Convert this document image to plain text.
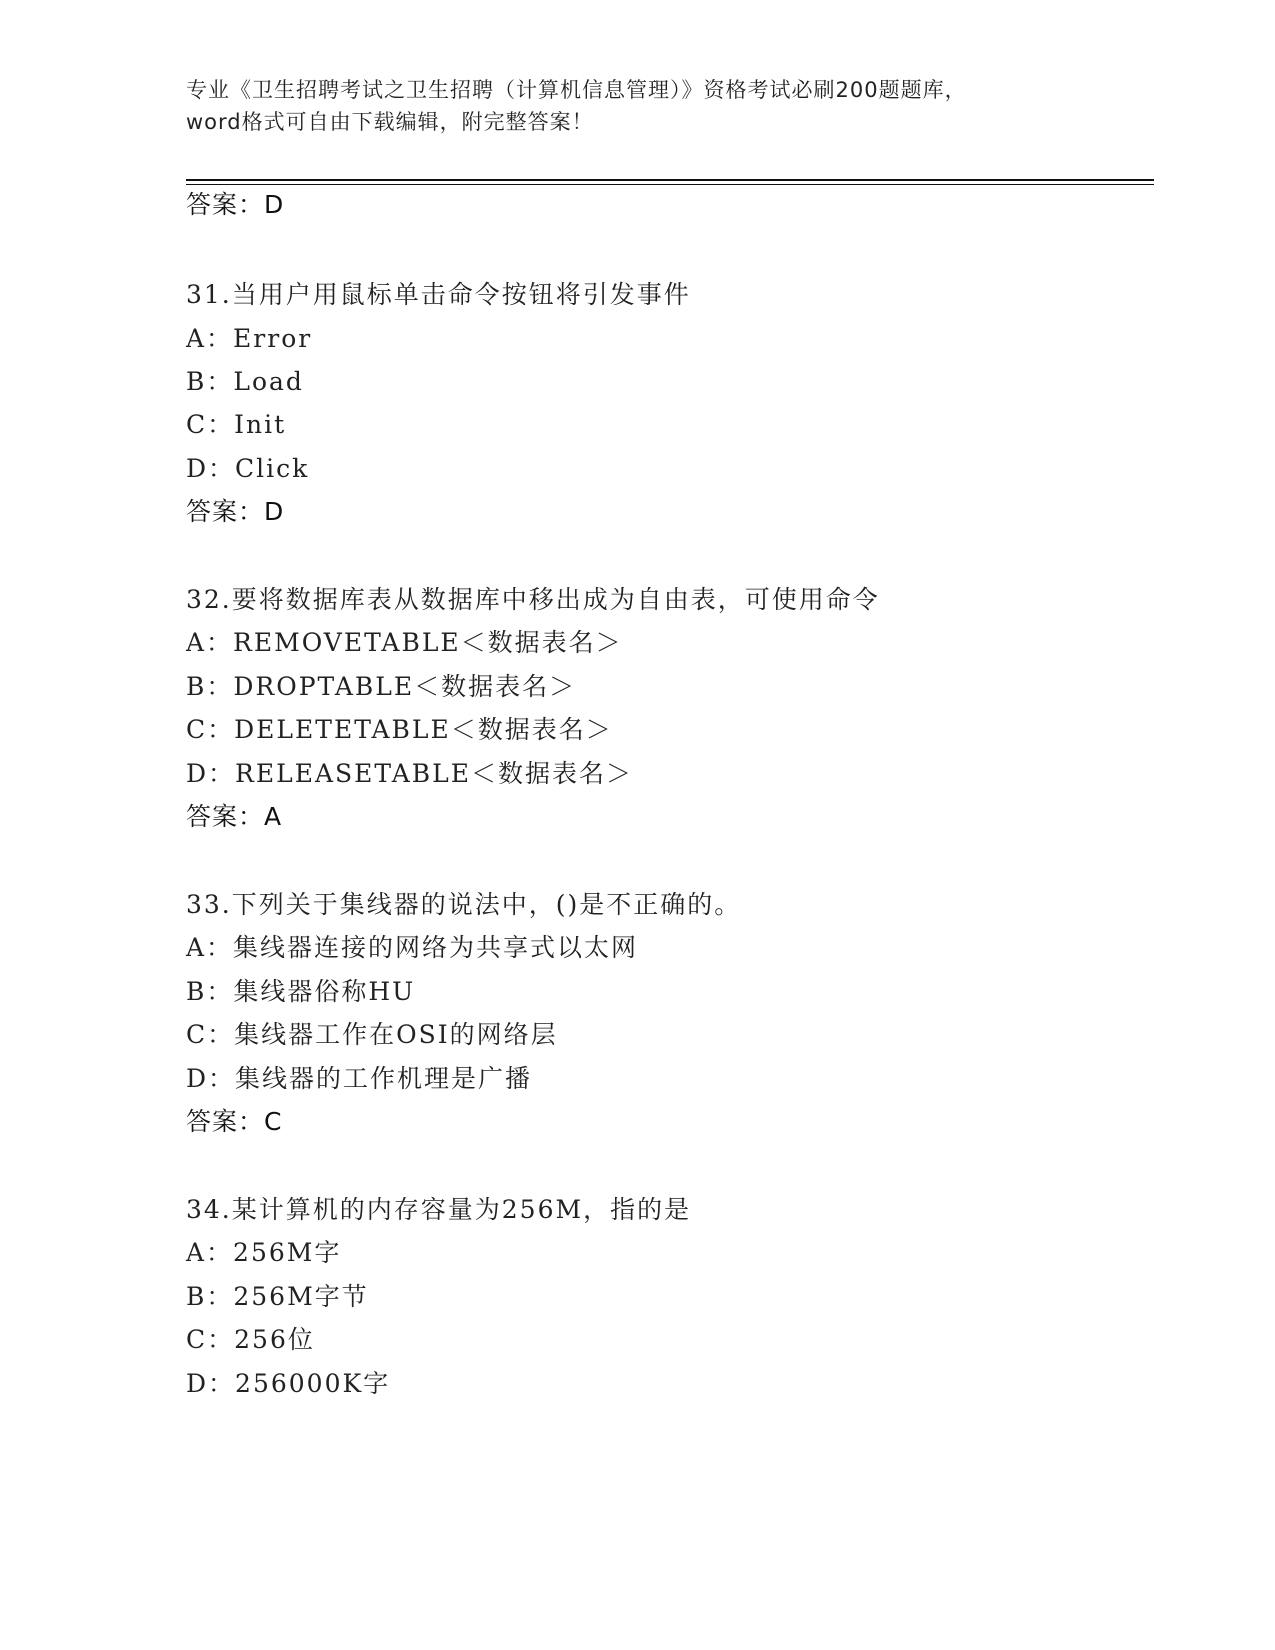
专业《卫生招聘考试之卫生招聘（计算机信息管理）》资格考试必刷200题题库，
word格式可自由下载编辑，附完整答案！
答案：D
31.当用户用鼠标单击命令按钮将引发事件
A：Error
B：Load
C：Init
D：Click
答案：D
32.要将数据库表从数据库中移出成为自由表，可使用命令
A：REMOVETABLE＜数据表名＞
B：DROPTABLE＜数据表名＞
C：DELETETABLE＜数据表名＞
D：RELEASETABLE＜数据表名＞
答案：A
33.下列关于集线器的说法中，()是不正确的。
A：集线器连接的网络为共享式以太网
B：集线器俗称HU
C：集线器工作在OSI的网络层
D：集线器的工作机理是广播
答案：C
34.某计算机的内存容量为256M，指的是
A：256M字
B：256M字节
C：256位
D：256000K字
